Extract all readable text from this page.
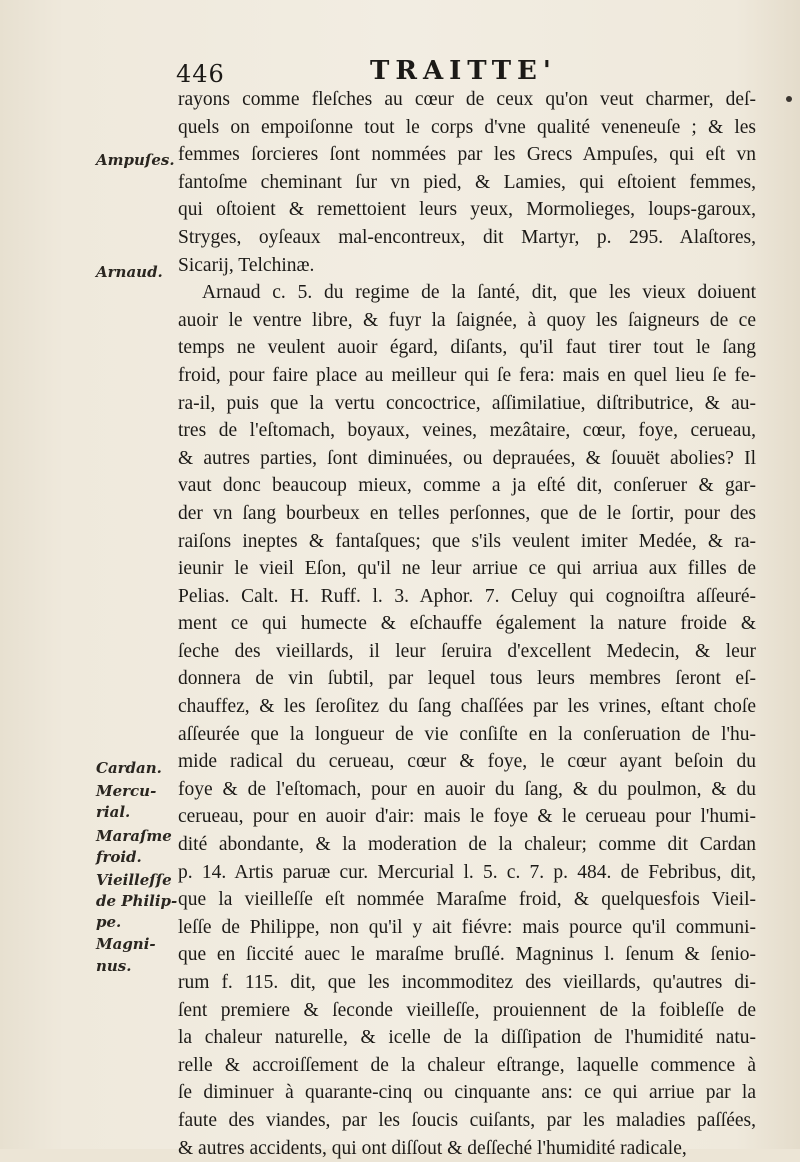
446	TRAITTE'
Ampuſes.
Arnaud.
Cardan.
Mercu-
rial.
Maraſme
froid.
Vieilleſſe
de Philip-
pe.
Magni-
nus.
rayons comme fleſches au cœur de ceux qu'on veut charmer, deſ-
quels on empoiſonne tout le corps d'vne qualité veneneuſe ; & les
femmes ſorcieres ſont nommées par les Grecs Ampuſes, qui eſt vn
fantoſme cheminant ſur vn pied, & Lamies, qui eſtoient femmes,
qui oſtoient & remettoient leurs yeux, Mormolieges, loups-garoux,
Stryges, oyſeaux mal-encontreux, dit Martyr, p. 295. Alaſtores,
Sicarij, Telchinæ.
Arnaud c. 5. du regime de la ſanté, dit, que les vieux doiuent
auoir le ventre libre, & fuyr la ſaignée, à quoy les ſaigneurs de ce
temps ne veulent auoir égard, diſants, qu'il faut tirer tout le ſang
froid, pour faire place au meilleur qui ſe fera: mais en quel lieu ſe fe-
ra-il, puis que la vertu concoctrice, aſſimilatiue, diſtributrice, & au-
tres de l'eſtomach, boyaux, veines, mezâtaire, cœur, foye, cerueau,
& autres parties, ſont diminuées, ou deprauées, & ſouuët abolies? Il
vaut donc beaucoup mieux, comme a ja eſté dit, conſeruer & gar-
der vn ſang bourbeux en telles perſonnes, que de le ſortir, pour des
raiſons ineptes & fantaſques; que s'ils veulent imiter Medée, & ra-
ieunir le vieil Eſon, qu'il ne leur arriue ce qui arriua aux filles de
Pelias. Calt. H. Ruff. l. 3. Aphor. 7. Celuy qui cognoiſtra aſſeuré-
ment ce qui humecte & eſchauffe également la nature froide &
ſeche des vieillards, il leur ſeruira d'excellent Medecin, & leur
donnera de vin ſubtil, par lequel tous leurs membres ſeront eſ-
chauffez, & les ſeroſitez du ſang chaſſées par les vrines, eſtant choſe
aſſeurée que la longueur de vie conſiſte en la conſeruation de l'hu-
mide radical du cerueau, cœur & foye, le cœur ayant beſoin du
foye & de l'eſtomach, pour en auoir du ſang, & du poulmon, & du
cerueau, pour en auoir d'air: mais le foye & le cerueau pour l'humi-
dité abondante, & la moderation de la chaleur; comme dit Cardan
p. 14. Artis paruæ cur. Mercurial l. 5. c. 7. p. 484. de Febribus, dit,
que la vieilleſſe eſt nommée Maraſme froid, & quelquesfois Vieil-
leſſe de Philippe, non qu'il y ait fiévre: mais pource qu'il communi-
que en ſiccité auec le maraſme bruſlé. Magninus l. ſenum & ſenio-
rum f. 115. dit, que les incommoditez des vieillards, qu'autres di-
ſent premiere & ſeconde vieilleſſe, prouiennent de la foibleſſe de
la chaleur naturelle, & icelle de la diſſipation de l'humidité natu-
relle & accroiſſement de la chaleur eſtrange, laquelle commence à
ſe diminuer à quarante-cinq ou cinquante ans: ce qui arriue par la
faute des viandes, par les ſoucis cuiſants, par les maladies paſſées,
& autres accidents, qui ont diſſout & deſſeché l'humidité radicale,
